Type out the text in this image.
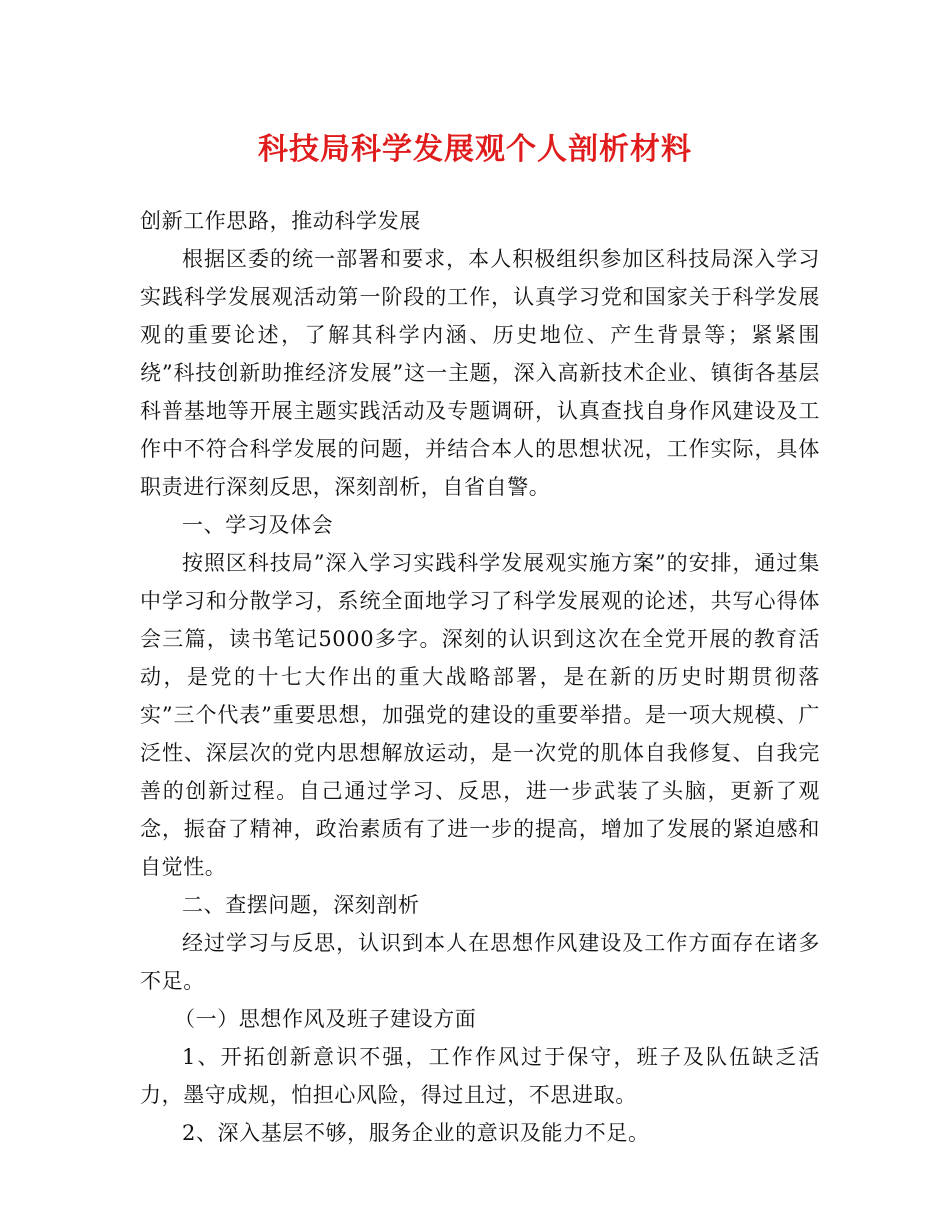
科技局科学发展观个人剖析材料

创新工作思路，推动科学发展

根据区委的统一部署和要求，本人积极组织参加区科技局深入学习实践科学发展观活动第一阶段的工作，认真学习党和国家关于科学发展观的重要论述，了解其科学内涵、历史地位、产生背景等；紧紧围绕”科技创新助推经济发展”这一主题，深入高新技术企业、镇街各基层科普基地等开展主题实践活动及专题调研，认真查找自身作风建设及工作中不符合科学发展的问题，并结合本人的思想状况，工作实际，具体职责进行深刻反思，深刻剖析，自省自警。

一、学习及体会

按照区科技局”深入学习实践科学发展观实施方案”的安排，通过集中学习和分散学习，系统全面地学习了科学发展观的论述，共写心得体会三篇，读书笔记5000多字。深刻的认识到这次在全党开展的教育活动，是党的十七大作出的重大战略部署，是在新的历史时期贯彻落实”三个代表”重要思想，加强党的建设的重要举措。是一项大规模、广泛性、深层次的党内思想解放运动，是一次党的肌体自我修复、自我完善的创新过程。自己通过学习、反思，进一步武装了头脑，更新了观念，振奋了精神，政治素质有了进一步的提高，增加了发展的紧迫感和自觉性。

二、查摆问题，深刻剖析

经过学习与反思，认识到本人在思想作风建设及工作方面存在诸多不足。

（一）思想作风及班子建设方面

1、开拓创新意识不强，工作作风过于保守，班子及队伍缺乏活力，墨守成规，怕担心风险，得过且过，不思进取。

2、深入基层不够，服务企业的意识及能力不足。
